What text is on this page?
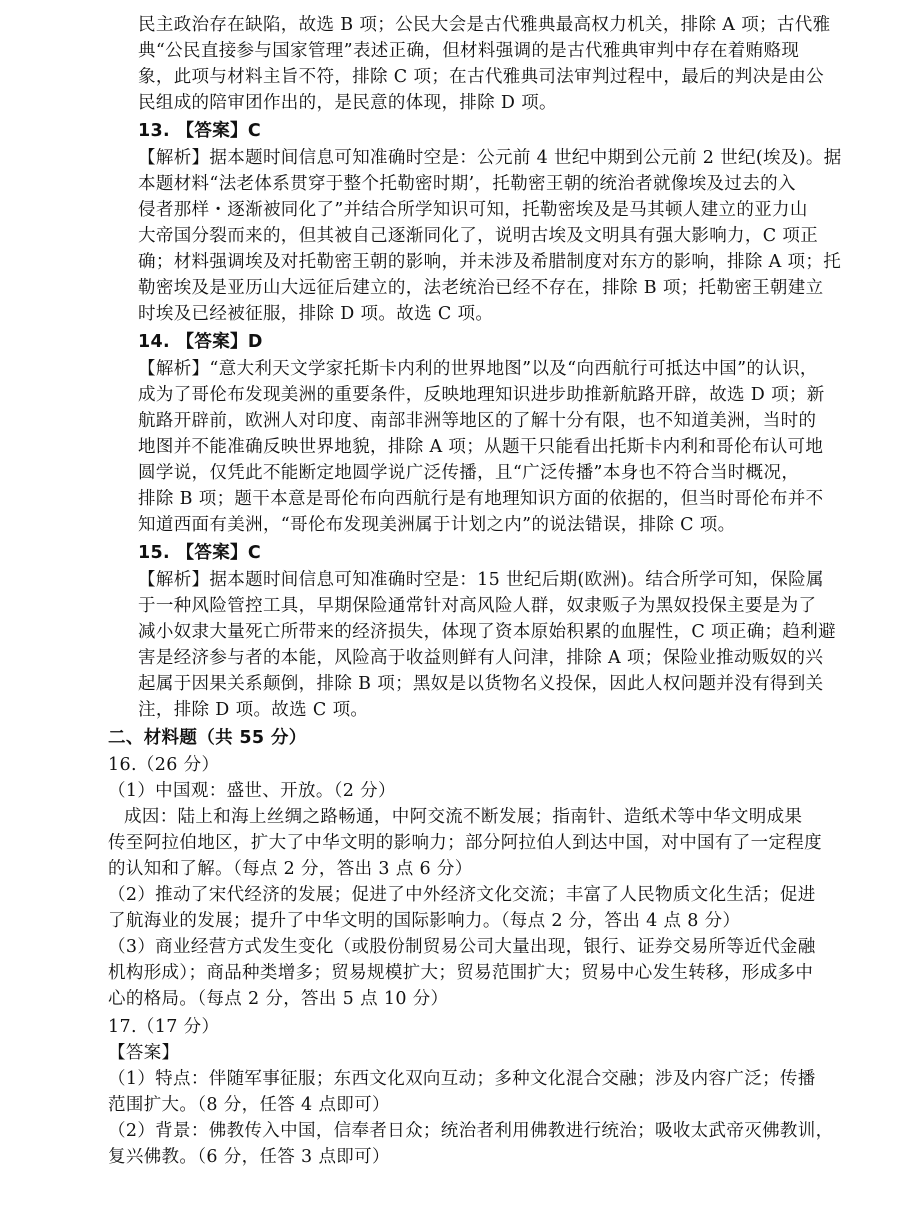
民主政治存在缺陷，故选 B 项；公民大会是古代雅典最高权力机关，排除 A 项；古代雅
典“公民直接参与国家管理”表述正确，但材料强调的是古代雅典审判中存在着贿赂现
象，此项与材料主旨不符，排除 C 项；在古代雅典司法审判过程中，最后的判决是由公
民组成的陪审团作出的，是民意的体现，排除 D 项。
13. 【答案】C
【解析】据本题时间信息可知准确时空是：公元前 4 世纪中期到公元前 2 世纪(埃及)。据
本题材料“法老体系贯穿于整个托勒密时期’，托勒密王朝的统治者就像埃及过去的入
侵者那样・逐渐被同化了”并结合所学知识可知，托勒密埃及是马其顿人建立的亚力山
大帝国分裂而来的，但其被自己逐渐同化了，说明古埃及文明具有强大影响力，C 项正
确；材料强调埃及对托勒密王朝的影响，并未涉及希腊制度对东方的影响，排除 A 项；托
勒密埃及是亚历山大远征后建立的，法老统治已经不存在，排除 B 项；托勒密王朝建立
时埃及已经被征服，排除 D 项。故选 C 项。
14. 【答案】D
【解析】“意大利天文学家托斯卡内利的世界地图”以及“向西航行可抵达中国”的认识，
成为了哥伦布发现美洲的重要条件，反映地理知识进步助推新航路开辟，故选 D 项；新
航路开辟前，欧洲人对印度、南部非洲等地区的了解十分有限，也不知道美洲，当时的
地图并不能准确反映世界地貌，排除 A 项；从题干只能看出托斯卡内利和哥伦布认可地
圆学说，仅凭此不能断定地圆学说广泛传播，且“广泛传播”本身也不符合当时概况，
排除 B 项；题干本意是哥伦布向西航行是有地理知识方面的依据的，但当时哥伦布并不
知道西面有美洲，“哥伦布发现美洲属于计划之内”的说法错误，排除 C 项。
15. 【答案】C
【解析】据本题时间信息可知准确时空是：15 世纪后期(欧洲)。结合所学可知，保险属
于一种风险管控工具，早期保险通常针对高风险人群，奴隶贩子为黑奴投保主要是为了
减小奴隶大量死亡所带来的经济损失，体现了资本原始积累的血腥性，C 项正确；趋利避
害是经济参与者的本能，风险高于收益则鲜有人问津，排除 A 项；保险业推动贩奴的兴
起属于因果关系颠倒，排除 B 项；黑奴是以货物名义投保，因此人权问题并没有得到关
注，排除 D 项。故选 C 项。
二、材料题（共 55 分）
16.（26 分）
（1）中国观：盛世、开放。（2 分）
成因：陆上和海上丝绸之路畅通，中阿交流不断发展；指南针、造纸术等中华文明成果
传至阿拉伯地区，扩大了中华文明的影响力；部分阿拉伯人到达中国，对中国有了一定程度
的认知和了解。（每点 2 分，答出 3 点 6 分）
（2）推动了宋代经济的发展；促进了中外经济文化交流；丰富了人民物质文化生活；促进
了航海业的发展；提升了中华文明的国际影响力。（每点 2 分，答出 4 点 8 分）
（3）商业经营方式发生变化（或股份制贸易公司大量出现，银行、证券交易所等近代金融
机构形成）；商品种类增多；贸易规模扩大；贸易范围扩大；贸易中心发生转移，形成多中
心的格局。（每点 2 分，答出 5 点 10 分）
17.（17 分）
【答案】
（1）特点：伴随军事征服；东西文化双向互动；多种文化混合交融；涉及内容广泛；传播
范围扩大。（8 分，任答 4 点即可）
（2）背景：佛教传入中国，信奉者日众；统治者利用佛教进行统治；吸收太武帝灭佛教训，
复兴佛教。（6 分，任答 3 点即可）
